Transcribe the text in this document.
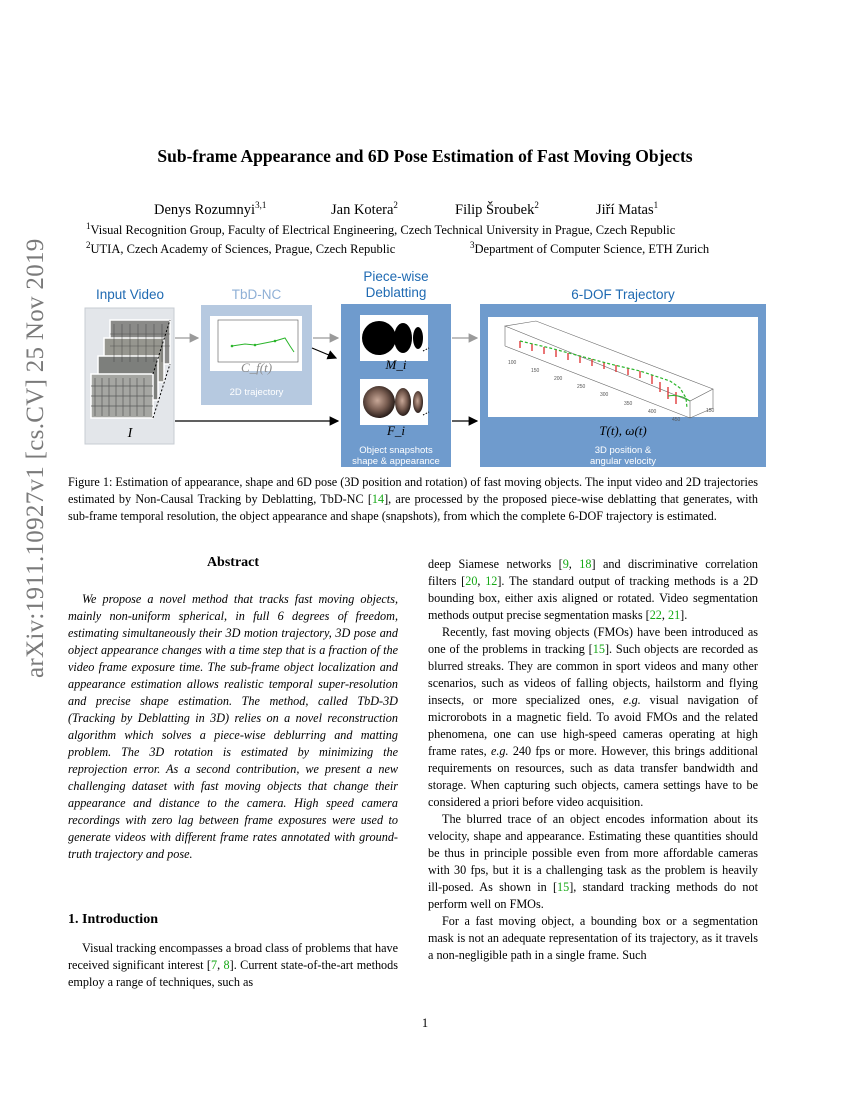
arXiv:1911.10927v1 [cs.CV] 25 Nov 2019
Sub-frame Appearance and 6D Pose Estimation of Fast Moving Objects
Denys Rozumnyi$^{3,1}$	Jan Kotera$^2$	Filip Šroubek$^2$	Jiří Matas$^1$
$^1$Visual Recognition Group, Faculty of Electrical Engineering, Czech Technical University in Prague, Czech Republic
$^2$UTIA, Czech Academy of Sciences, Prague, Czech Republic	$^3$Department of Computer Science, ETH Zurich
Input Video
I
TbD-NC
C_f(t)
2D trajectory
Piece-wise
Deblatting
M_i
F_i
Object snapshots
shape & appearance
6-DOF Trajectory
T(t), ω(t)
3D position &
angular velocity
100
150
200
250
300
350
400
450
150
Figure 1: Estimation of appearance, shape and 6D pose (3D position and rotation) of fast moving objects. The input video and 2D trajectories estimated by Non-Causal Tracking by Deblatting, TbD-NC [14], are processed by the proposed piece-wise deblatting that generates, with sub-frame temporal resolution, the object appearance and shape (snapshots), from which the complete 6-DOF trajectory is estimated.
Abstract

We propose a novel method that tracks fast moving objects, mainly non-uniform spherical, in full 6 degrees of freedom, estimating simultaneously their 3D motion trajectory, 3D pose and object appearance changes with a time step that is a fraction of the video frame exposure time. The sub-frame object localization and appearance estimation allows realistic temporal super-resolution and precise shape estimation. The method, called TbD-3D (Tracking by Deblatting in 3D) relies on a novel reconstruction algorithm which solves a piece-wise deblurring and matting problem. The 3D rotation is estimated by minimizing the reprojection error. As a second contribution, we present a new challenging dataset with fast moving objects that change their appearance and distance to the camera. High speed camera recordings with zero lag between frame exposures were used to generate videos with different frame rates annotated with ground-truth trajectory and pose.

1. Introduction

Visual tracking encompasses a broad class of problems that have received significant interest [7, 8]. Current state-of-the-art methods employ a range of techniques, such as

deep Siamese networks [9, 18] and discriminative correlation filters [20, 12]. The standard output of tracking methods is a 2D bounding box, either axis aligned or rotated. Video segmentation methods output precise segmentation masks [22, 21].

Recently, fast moving objects (FMOs) have been introduced as one of the problems in tracking [15]. Such objects are recorded as blurred streaks. They are common in sport videos and many other scenarios, such as videos of falling objects, hailstorm and flying insects, or more specialized ones, e.g. visual navigation of microrobots in a magnetic field. To avoid FMOs and the related phenomena, one can use high-speed cameras operating at high frame rates, e.g. 240 fps or more. However, this brings additional requirements on resources, such as data transfer bandwidth and storage. When capturing such objects, camera settings have to be considered a priori before video acquisition.

The blurred trace of an object encodes information about its velocity, shape and appearance. Estimating these quantities should be thus in principle possible even from more affordable cameras with 30 fps, but it is a challenging task as the problem is heavily ill-posed. As shown in [15], standard tracking methods do not perform well on FMOs.

For a fast moving object, a bounding box or a segmentation mask is not an adequate representation of its trajectory, as it travels a non-negligible path in a single frame. Such

1
